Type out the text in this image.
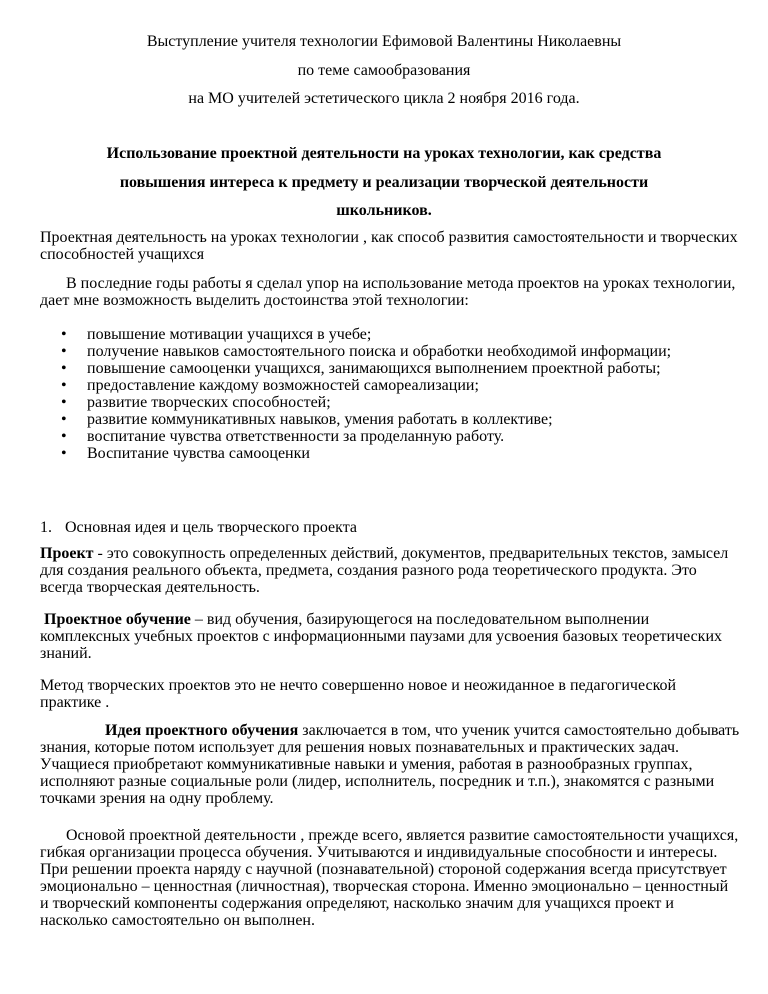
Выступление учителя технологии Ефимовой Валентины Николаевны
по теме самообразования
на МО учителей эстетического цикла 2 ноября 2016 года.
Использование проектной деятельности на уроках технологии, как средства
повышения интереса к предмету и реализации творческой деятельности
школьников.
Проектная деятельность на уроках технологии , как способ развития самостоятельности и творческих способностей учащихся
В последние годы работы я сделал упор на использование метода проектов на уроках технологии, дает мне возможность выделить достоинства этой технологии:
• повышение мотивации учащихся в учебе;
• получение навыков самостоятельного поиска и обработки необходимой информации;
• повышение самооценки учащихся, занимающихся выполнением проектной работы;
• предоставление каждому возможностей самореализации;
• развитие творческих способностей;
• развитие коммуникативных навыков, умения работать в коллективе;
• воспитание чувства ответственности за проделанную работу.
• Воспитание чувства самооценки
1. Основная идея и цель творческого проекта
Проект - это совокупность определенных действий, документов, предварительных текстов, замысел для создания реального объекта, предмета, создания разного рода теоретического продукта. Это всегда творческая деятельность.
Проектное обучение – вид обучения, базирующегося на последовательном выполнении комплексных учебных проектов с информационными паузами для усвоения базовых теоретических знаний.
Метод творческих проектов это не нечто совершенно новое и неожиданное в педагогической практике .
Идея проектного обучения заключается в том, что ученик учится самостоятельно добывать знания, которые потом использует для решения новых познавательных и практических задач. Учащиеся приобретают коммуникативные навыки и умения, работая в разнообразных группах, исполняют разные социальные роли (лидер, исполнитель, посредник и т.п.), знакомятся с разными точками зрения на одну проблему.
Основой проектной деятельности , прежде всего, является развитие самостоятельности учащихся, гибкая организации процесса обучения. Учитываются и индивидуальные способности и интересы. При решении проекта наряду с научной (познавательной) стороной содержания всегда присутствует эмоционально – ценностная (личностная), творческая сторона. Именно эмоционально – ценностный и творческий компоненты содержания определяют, насколько значим для учащихся проект и насколько самостоятельно он выполнен.
